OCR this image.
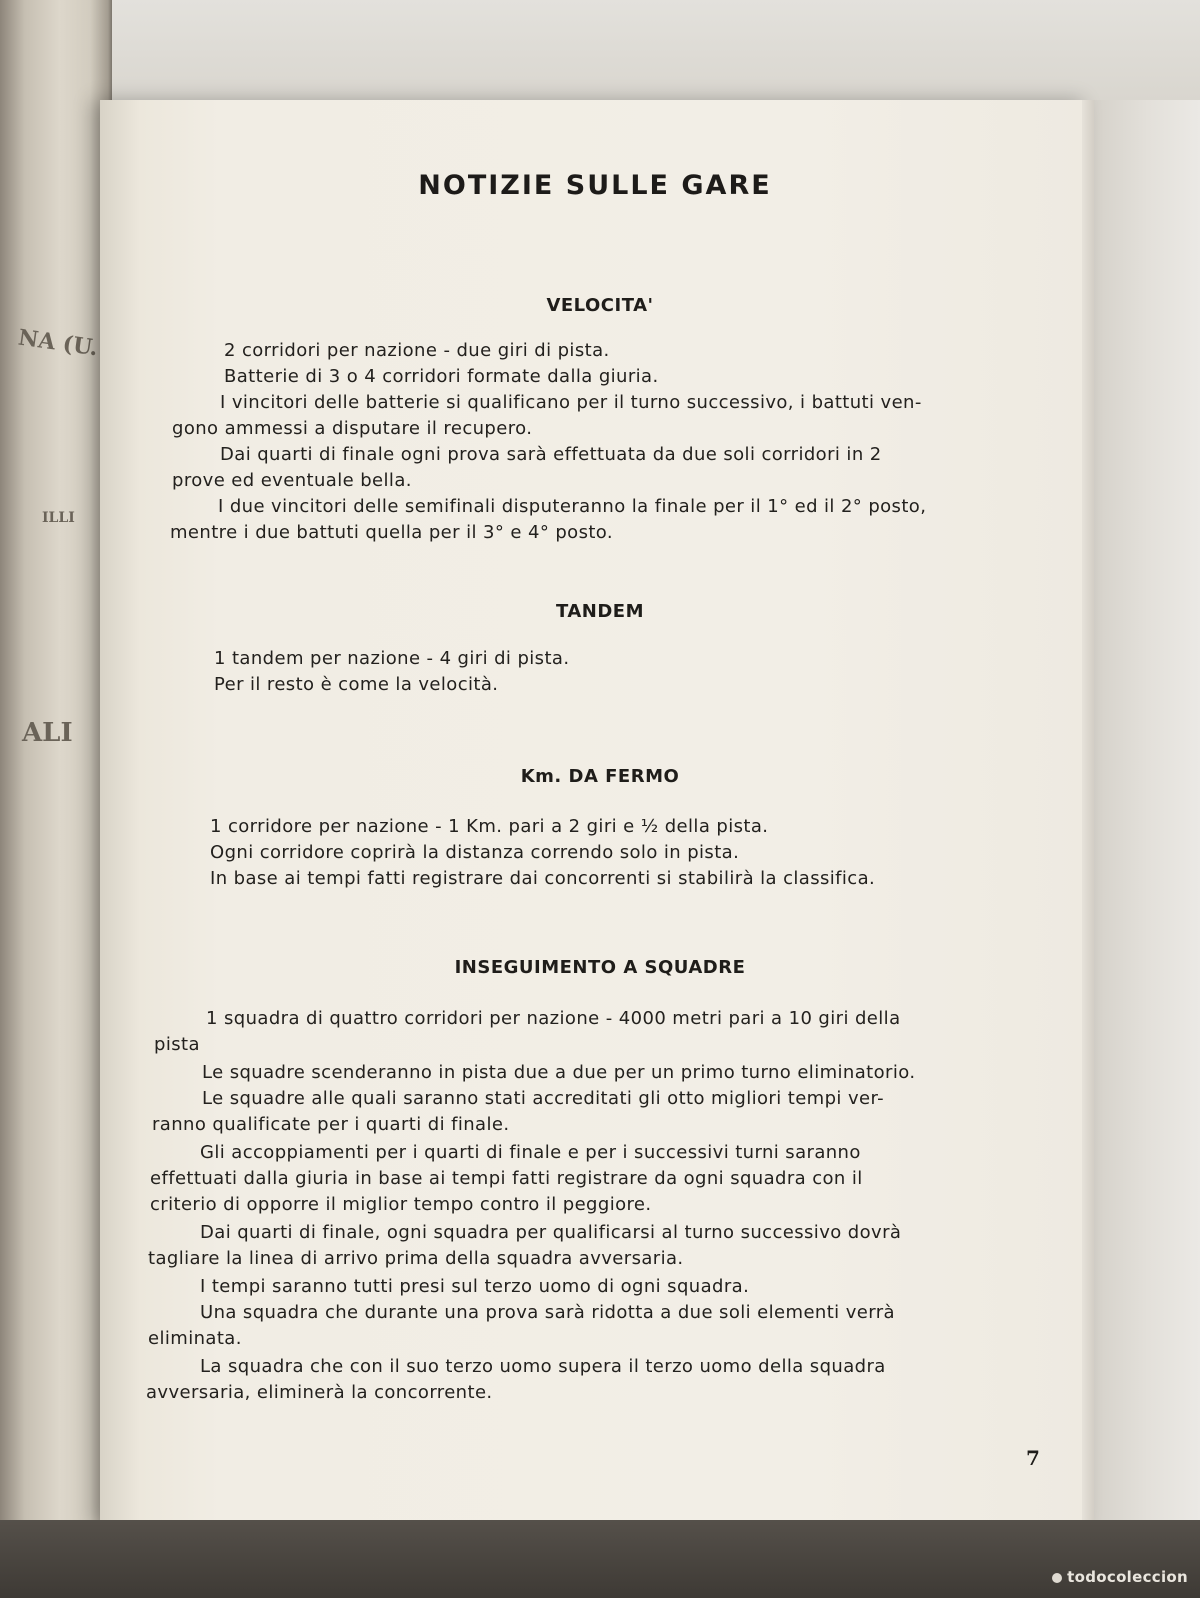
NA (U.
ILLI
ALI
NOTIZIE SULLE GARE
VELOCITA'
2 corridori per nazione - due giri di pista.
Batterie di 3 o 4 corridori formate dalla giuria.
I vincitori delle batterie si qualificano per il turno successivo, i battuti ven-
gono ammessi a disputare il recupero.
Dai quarti di finale ogni prova sarà effettuata da due soli corridori in 2
prove ed eventuale bella.
I due vincitori delle semifinali disputeranno la finale per il 1° ed il 2° posto,
mentre i due battuti quella per il 3° e 4° posto.
TANDEM
1 tandem per nazione - 4 giri di pista.
Per il resto è come la velocità.
Km. DA FERMO
1 corridore per nazione - 1 Km. pari a 2 giri e ½ della pista.
Ogni corridore coprirà la distanza correndo solo in pista.
In base ai tempi fatti registrare dai concorrenti si stabilirà la classifica.
INSEGUIMENTO A SQUADRE
1 squadra di quattro corridori per nazione - 4000 metri pari a 10 giri della
pista
Le squadre scenderanno in pista due a due per un primo turno eliminatorio.
Le squadre alle quali saranno stati accreditati gli otto migliori tempi ver-
ranno qualificate per i quarti di finale.
Gli accoppiamenti per i quarti di finale e per i successivi turni saranno
effettuati dalla giuria in base ai tempi fatti registrare da ogni squadra con il
criterio di opporre il miglior tempo contro il peggiore.
Dai quarti di finale, ogni squadra per qualificarsi al turno successivo dovrà
tagliare la linea di arrivo prima della squadra avversaria.
I tempi saranno tutti presi sul terzo uomo di ogni squadra.
Una squadra che durante una prova sarà ridotta a due soli elementi verrà
eliminata.
La squadra che con il suo terzo uomo supera il terzo uomo della squadra
avversaria, eliminerà la concorrente.
7
todocoleccion
